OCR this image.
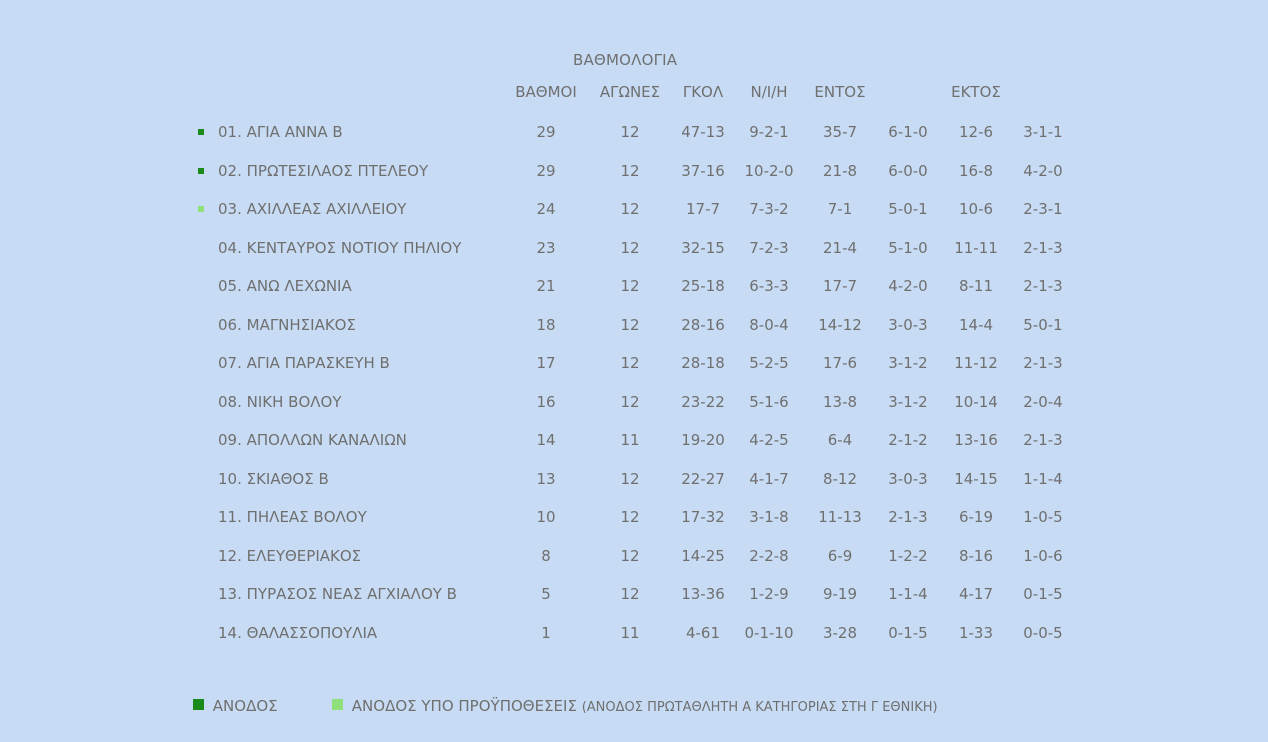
ΒΑΘΜΟΛΟΓΙΑ
ΒΑΘΜΟΙ ΑΓΩΝΕΣ ΓΚΟΛ Ν/Ι/Η ΕΝΤΟΣ	ΕΚΤΟΣ
01. ΑΓΙΑ ΑΝΝΑ Β	29	12	47-13 9-2-1 35-7 6-1-0 12-6 3-1-1
02. ΠΡΩΤΕΣΙΛΑΟΣ ΠΤΕΛΕΟΥ	29	12	37-16 10-2-0 21-8 6-0-0 16-8 4-2-0
03. ΑΧΙΛΛΕΑΣ ΑΧΙΛΛΕΙΟΥ	24	12	17-7 7-3-2	7-1 5-0-1 10-6 2-3-1
04. ΚΕΝΤΑΥΡΟΣ ΝΟΤΙΟΥ ΠΗΛΙΟΥ	23	12	32-15 7-2-3 21-4 5-1-0 11-11 2-1-3
05. ΑΝΩ ΛΕΧΩΝΙΑ	21	12	25-18 6-3-3 17-7 4-2-0 8-11 2-1-3
06. ΜΑΓΝΗΣΙΑΚΟΣ	18	12	28-16 8-0-4 14-12 3-0-3 14-4 5-0-1
07. ΑΓΙΑ ΠΑΡΑΣΚΕΥΗ Β	17	12	28-18 5-2-5 17-6 3-1-2 11-12 2-1-3
08. ΝΙΚΗ ΒΟΛΟΥ	16	12	23-22 5-1-6 13-8 3-1-2 10-14 2-0-4
09. ΑΠΟΛΛΩΝ ΚΑΝΑΛΙΩΝ	14	11	19-20 4-2-5	6-4 2-1-2 13-16 2-1-3
10. ΣΚΙΑΘΟΣ Β	13	12	22-27 4-1-7 8-12 3-0-3 14-15 1-1-4
11. ΠΗΛΕΑΣ ΒΟΛΟΥ	10	12	17-32 3-1-8 11-13 2-1-3 6-19 1-0-5
12. ΕΛΕΥΘΕΡΙΑΚΟΣ	8	12	14-25 2-2-8	6-9 1-2-2 8-16 1-0-6
13. ΠΥΡΑΣΟΣ ΝΕΑΣ ΑΓΧΙΑΛΟΥ Β	5	12	13-36 1-2-9 9-19 1-1-4 4-17 0-1-5
14. ΘΑΛΑΣΣΟΠΟΥΛΙΑ	1	11	4-61 0-1-10 3-28 0-1-5 1-33 0-0-5
ΑΝΟΔΟΣ	ΑΝΟΔΟΣ ΥΠΟ ΠΡΟΫΠΟΘΕΣΕΙΣ (ΑΝΟΔΟΣ ΠΡΩΤΑΘΛΗΤΗ Α ΚΑΤΗΓΟΡΙΑΣ ΣΤΗ Γ ΕΘΝΙΚΗ)
